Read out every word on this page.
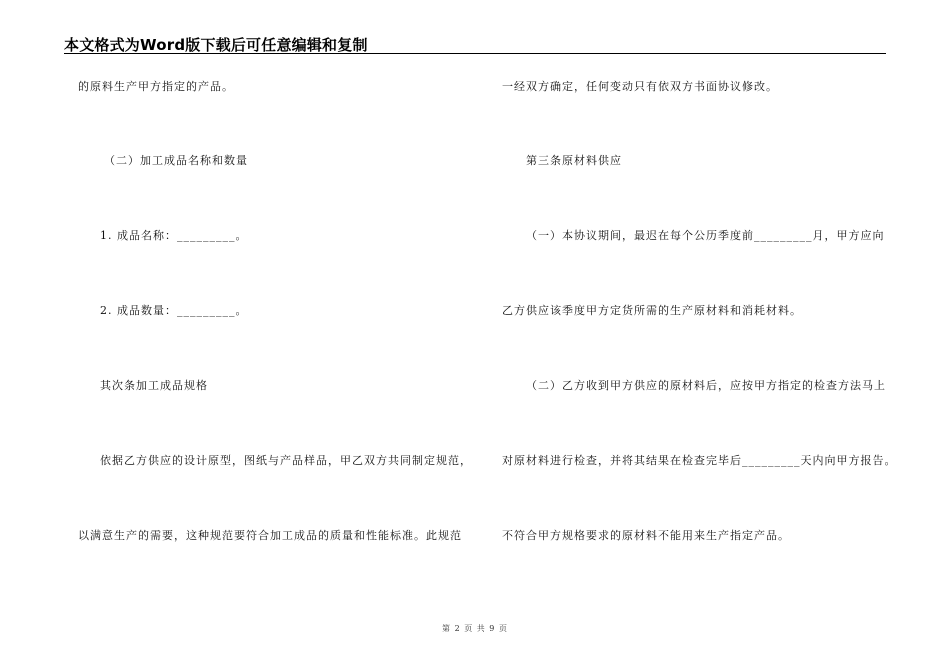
本文格式为Word版下载后可任意编辑和复制
的原料生产甲方指定的产品。
（二）加工成品名称和数量
1. 成品名称：_________。
2. 成品数量：_________。
其次条加工成品规格
依据乙方供应的设计原型，图纸与产品样品，甲乙双方共同制定规范，
以满意生产的需要，这种规范要符合加工成品的质量和性能标准。此规范
一经双方确定，任何变动只有依双方书面协议修改。
第三条原材料供应
（一）本协议期间，最迟在每个公历季度前_________月，甲方应向
乙方供应该季度甲方定货所需的生产原材料和消耗材料。
（二）乙方收到甲方供应的原材料后，应按甲方指定的检查方法马上
对原材料进行检查，并将其结果在检查完毕后_________天内向甲方报告。
不符合甲方规格要求的原材料不能用来生产指定产品。
第 2 页 共 9 页
